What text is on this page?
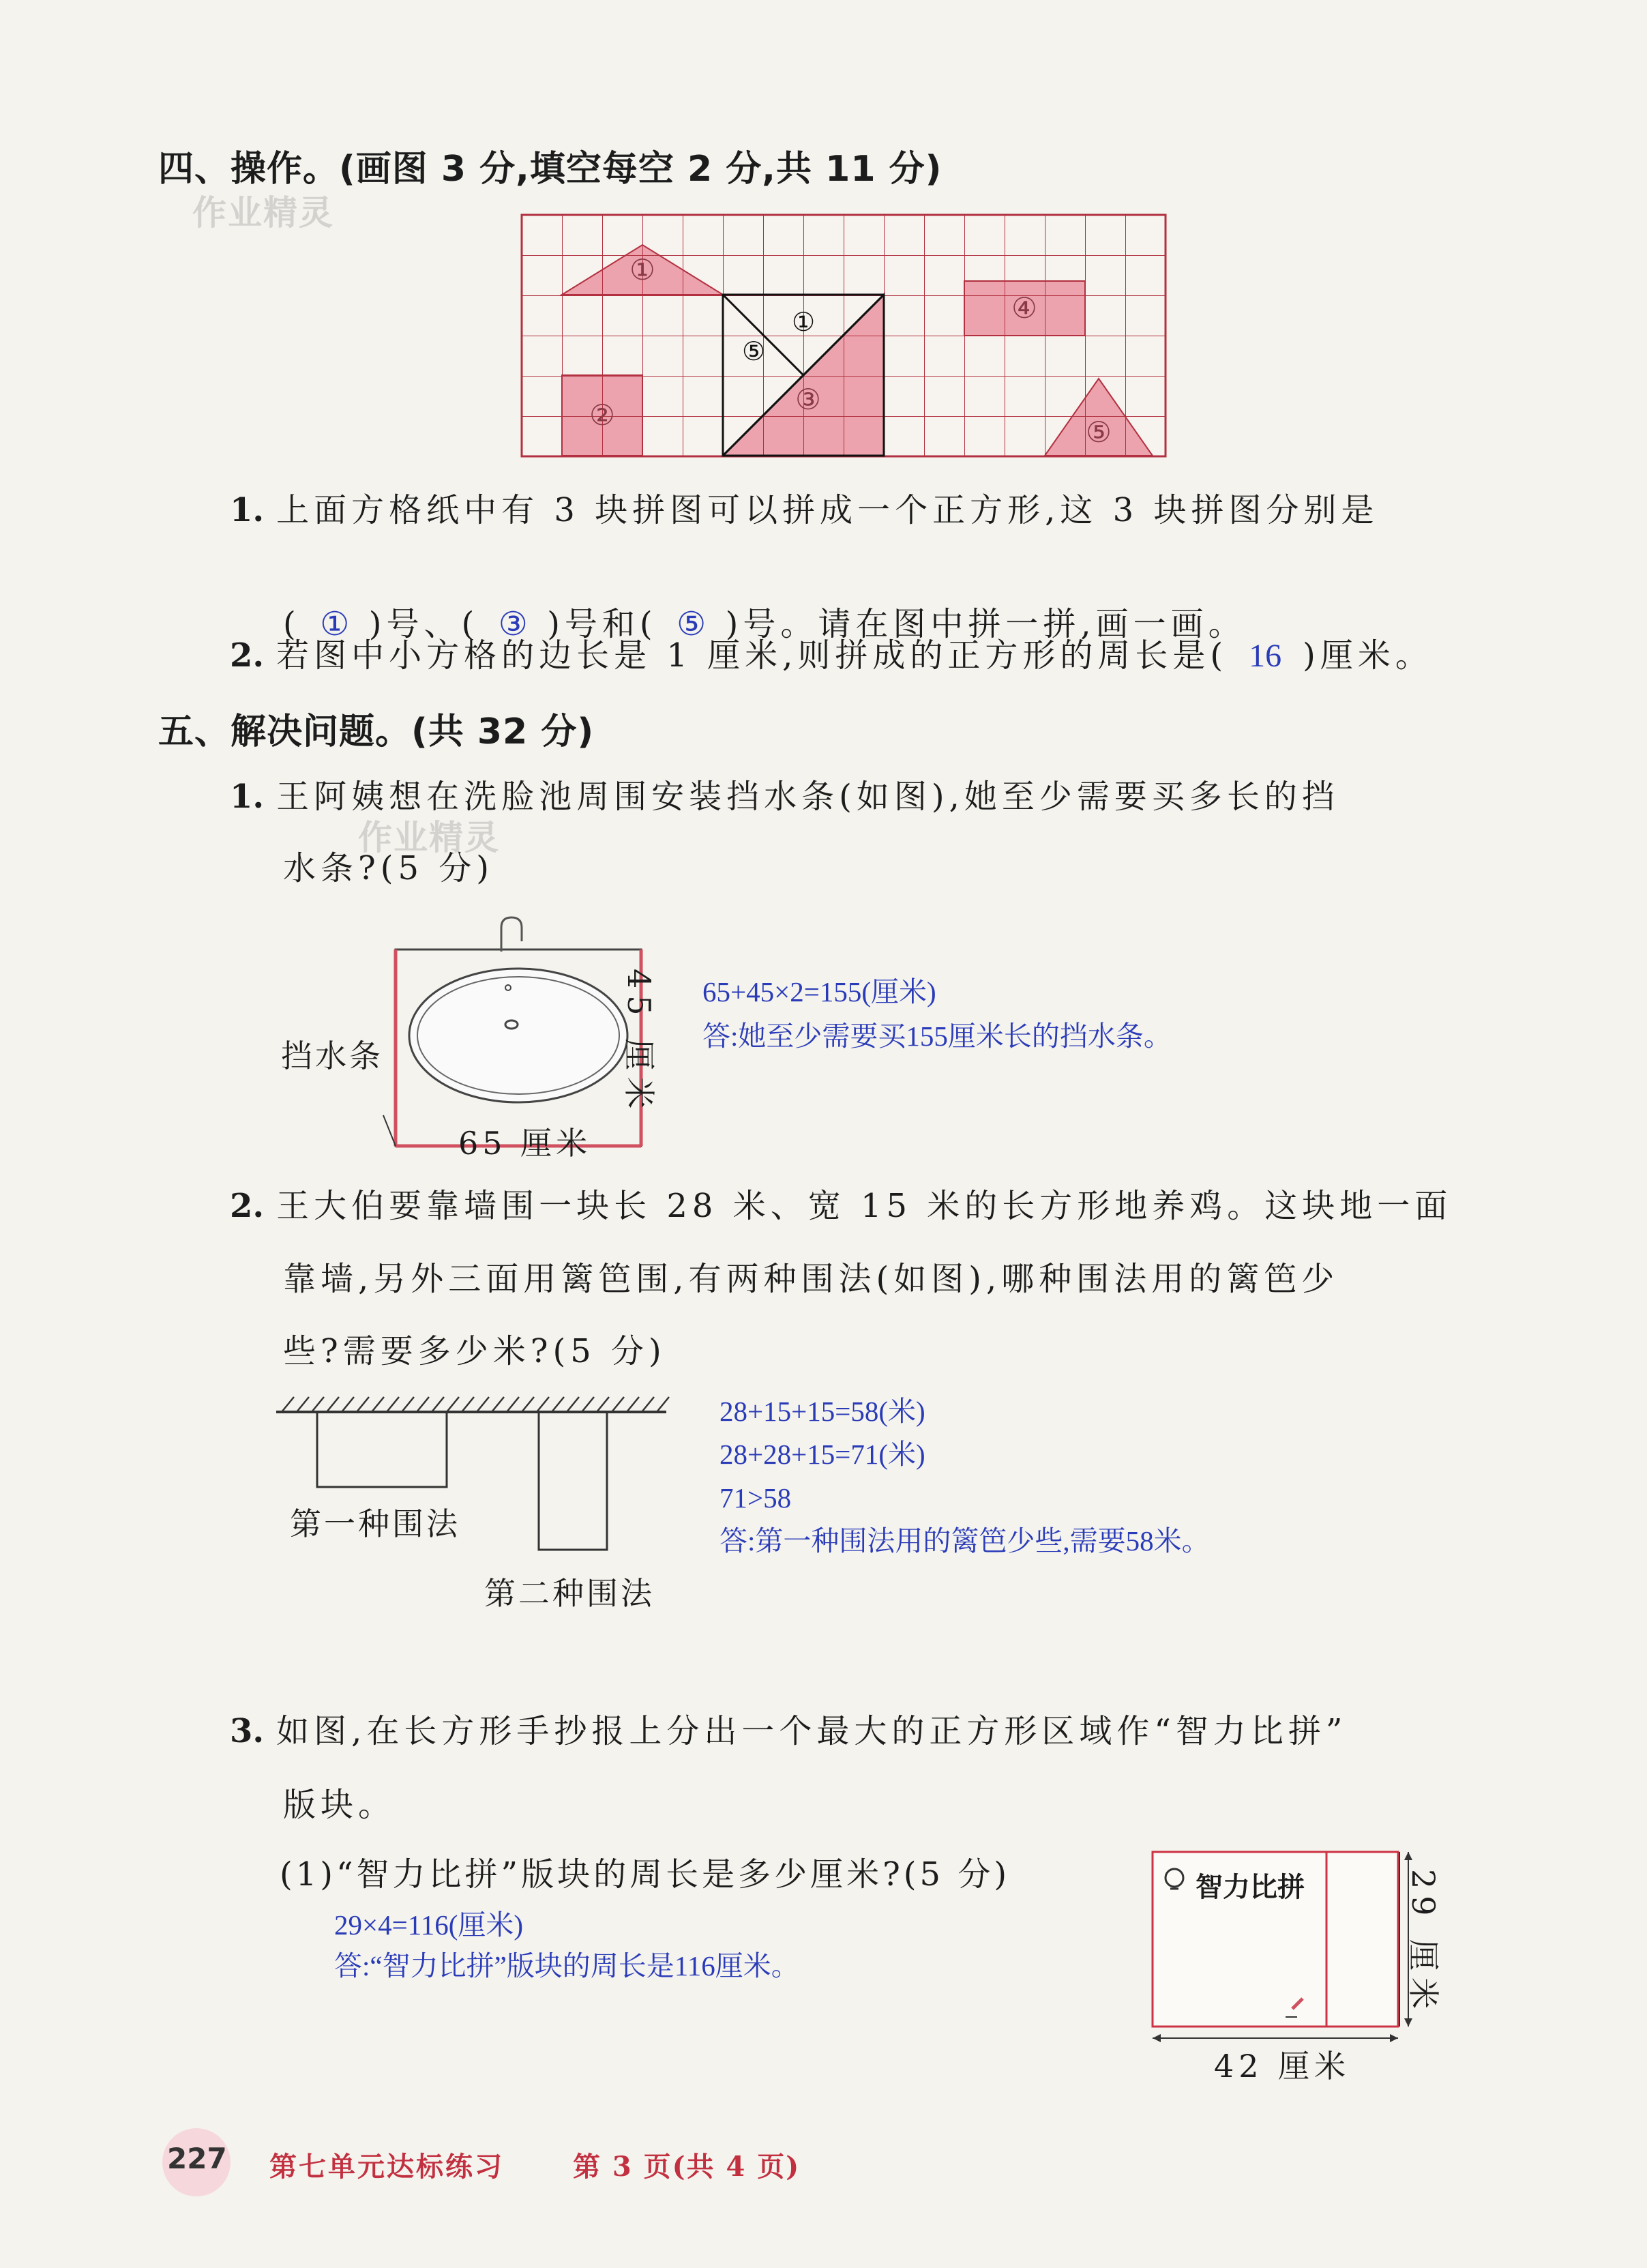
四、操作。(画图 3 分,填空每空 2 分,共 11 分)
作业精灵
①
①
⑤
③
②
④
⑤
1. 上面方格纸中有 3 块拼图可以拼成一个正方形,这 3 块拼图分别是
( ① )号、( ③ )号和( ⑤ )号。请在图中拼一拼,画一画。
2. 若图中小方格的边长是 1 厘米,则拼成的正方形的周长是( 16 )厘米。
五、解决问题。(共 32 分)
作业精灵
1. 王阿姨想在洗脸池周围安装挡水条(如图),她至少需要买多长的挡
水条?(5 分)
挡水条
65 厘米
45 厘米 65+45×2=155(厘米)
答:她至少需要买155厘米长的挡水条。
2. 王大伯要靠墙围一块长 28 米、宽 15 米的长方形地养鸡。这块地一面
靠墙,另外三面用篱笆围,有两种围法(如图),哪种围法用的篱笆少
些?需要多少米?(5 分)
第一种围法
第二种围法
28+15+15=58(米)
28+28+15=71(米)
71>58
答:第一种围法用的篱笆少些,需要58米。
3. 如图,在长方形手抄报上分出一个最大的正方形区域作“智力比拼”
版块。
(1)“智力比拼”版块的周长是多少厘米?(5 分)
29×4=116(厘米)
答:“智力比拼”版块的周长是116厘米。
智力比拼
42 厘米
29 厘米
227 第七单元达标练习	第 3 页(共 4 页)
